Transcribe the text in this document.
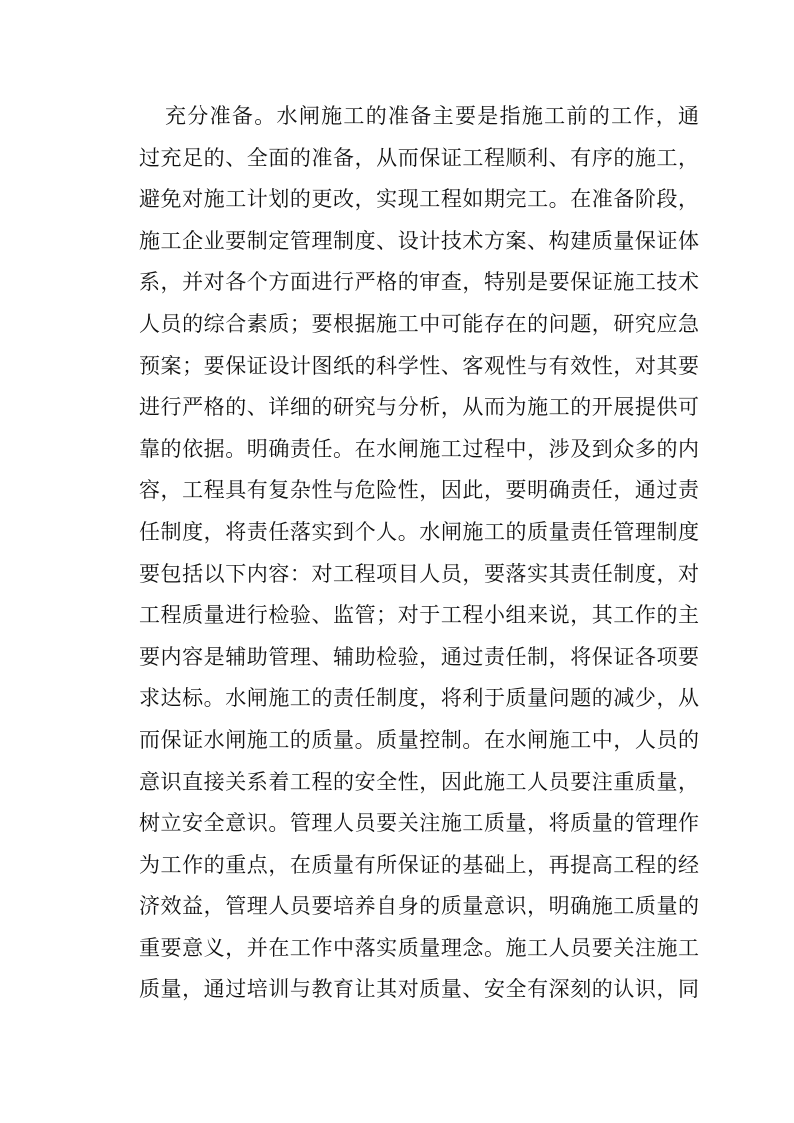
充分准备。水闸施工的准备主要是指施工前的工作，通
过充足的、全面的准备，从而保证工程顺利、有序的施工，
避免对施工计划的更改，实现工程如期完工。在准备阶段，
施工企业要制定管理制度、设计技术方案、构建质量保证体
系，并对各个方面进行严格的审查，特别是要保证施工技术
人员的综合素质；要根据施工中可能存在的问题，研究应急
预案；要保证设计图纸的科学性、客观性与有效性，对其要
进行严格的、详细的研究与分析，从而为施工的开展提供可
靠的依据。明确责任。在水闸施工过程中，涉及到众多的内
容，工程具有复杂性与危险性，因此，要明确责任，通过责
任制度，将责任落实到个人。水闸施工的质量责任管理制度
要包括以下内容：对工程项目人员，要落实其责任制度，对
工程质量进行检验、监管；对于工程小组来说，其工作的主
要内容是辅助管理、辅助检验，通过责任制，将保证各项要
求达标。水闸施工的责任制度，将利于质量问题的减少，从
而保证水闸施工的质量。质量控制。在水闸施工中，人员的
意识直接关系着工程的安全性，因此施工人员要注重质量，
树立安全意识。管理人员要关注施工质量，将质量的管理作
为工作的重点，在质量有所保证的基础上，再提高工程的经
济效益，管理人员要培养自身的质量意识，明确施工质量的
重要意义，并在工作中落实质量理念。施工人员要关注施工
质量，通过培训与教育让其对质量、安全有深刻的认识，同
